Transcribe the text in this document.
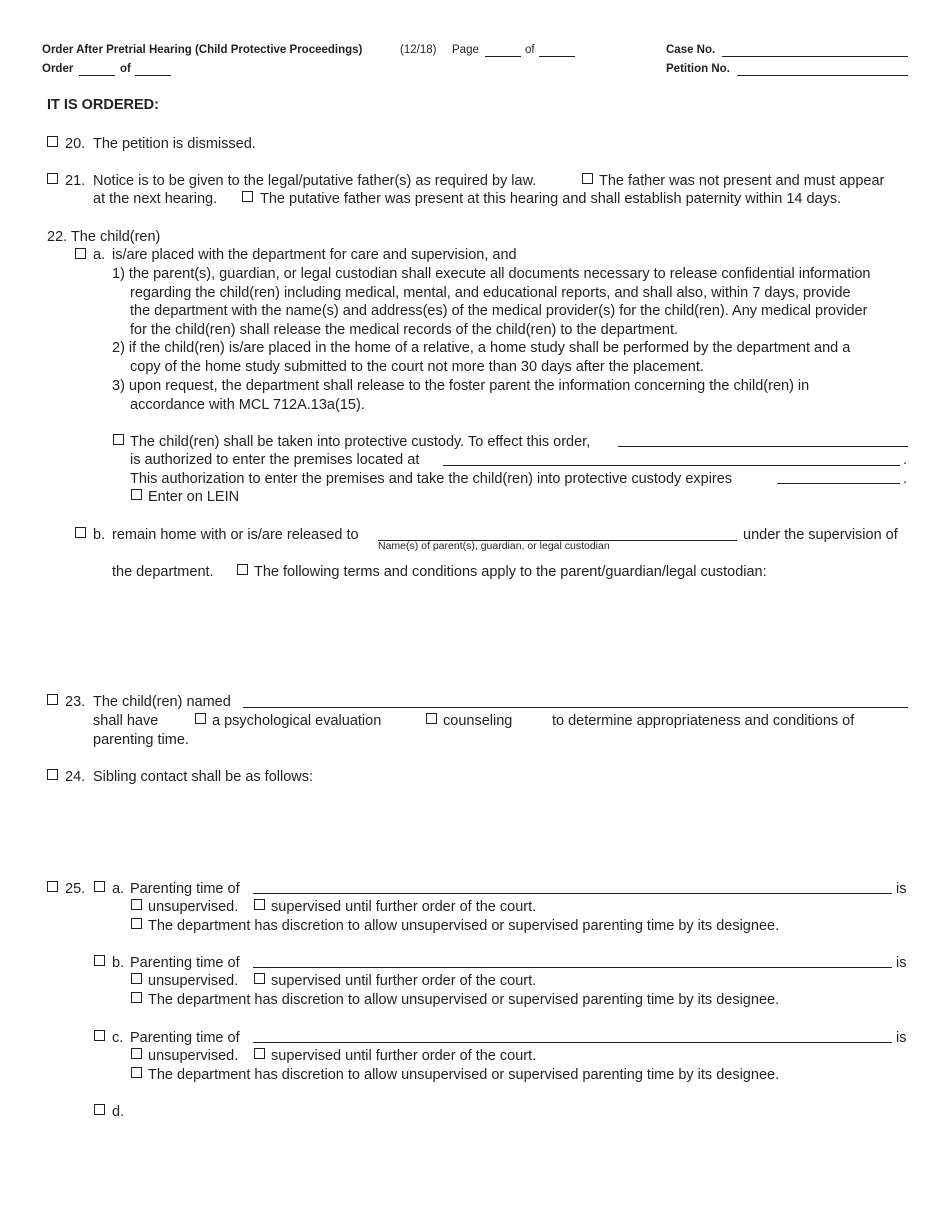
Order After Pretrial Hearing (Child Protective Proceedings)	(12/18) Page	of
Order	of
Case No.
Petition No.
IT IS ORDERED:
20. The petition is dismissed.
21. Notice is to be given to the legal/putative father(s) as required by law.	The father was not present and must appear
at the next hearing.	The putative father was present at this hearing and shall establish paternity within 14 days.
22. The child(ren)
a. is/are placed with the department for care and supervision, and
1) the parent(s), guardian, or legal custodian shall execute all documents necessary to release confidential information
regarding the child(ren) including medical, mental, and educational reports, and shall also, within 7 days, provide
the department with the name(s) and address(es) of the medical provider(s) for the child(ren). Any medical provider
for the child(ren) shall release the medical records of the child(ren) to the department.
2) if the child(ren) is/are placed in the home of a relative, a home study shall be performed by the department and a
copy of the home study submitted to the court not more than 30 days after the placement.
3) upon request, the department shall release to the foster parent the information concerning the child(ren) in
accordance with MCL 712A.13a(15).
The child(ren) shall be taken into protective custody. To effect this order,
is authorized to enter the premises located at	.
This authorization to enter the premises and take the child(ren) into protective custody expires	.
Enter on LEIN
b. remain home with or is/are released to
Name(s) of parent(s), guardian, or legal custodian
under the supervision of
the department.	The following terms and conditions apply to the parent/guardian/legal custodian:
23. The child(ren) named
shall have	a psychological evaluation	counseling	to determine appropriateness and conditions of
parenting time.
24. Sibling contact shall be as follows:
25. a. Parenting time of	is
unsupervised. supervised until further order of the court.
The department has discretion to allow unsupervised or supervised parenting time by its designee.
b. Parenting time of	is
unsupervised. supervised until further order of the court.
The department has discretion to allow unsupervised or supervised parenting time by its designee.
c. Parenting time of	is
unsupervised. supervised until further order of the court.
The department has discretion to allow unsupervised or supervised parenting time by its designee.
d.
